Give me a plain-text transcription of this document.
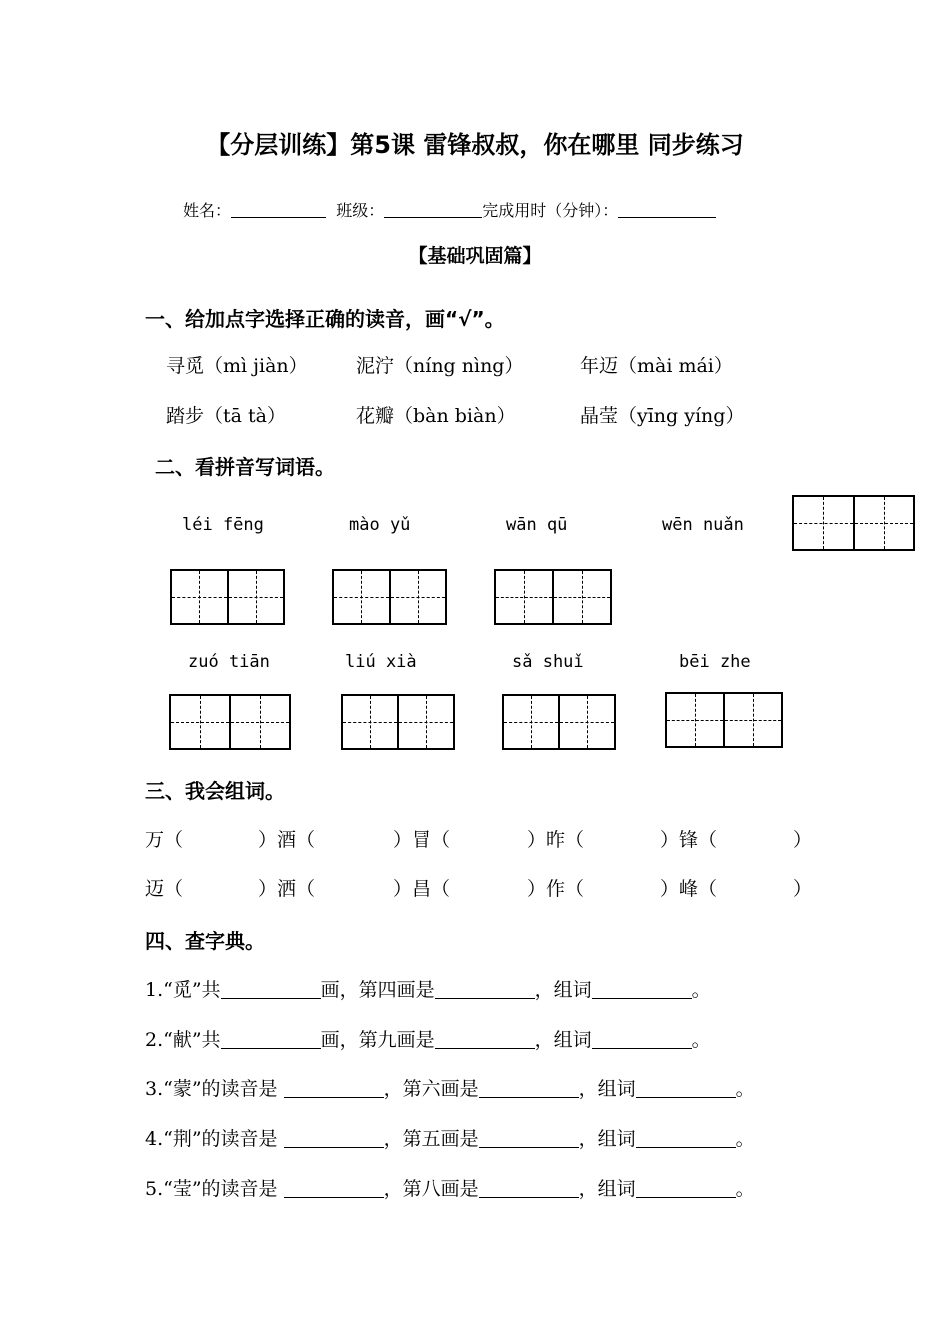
【分层训练】第5课 雷锋叔叔，你在哪里 同步练习
姓名：	班级：	完成用时（分钟）：
【基础巩固篇】
一、给加点字选择正确的读音，画“√”。
寻觅（mì jiàn）	泥泞（níng nìng）	年迈（mài mái）
踏步（tā tà）	花瓣（bàn biàn）	晶莹（yīng yíng）
二、看拼音写词语。
léi fēng	mào yǔ	wān qū	wēn nuǎn
zuó tiān	liú xià	sǎ shuǐ	bēi zhe
三、我会组词。
万（	）酒（	）冒（	）昨（	）锋（	）
迈（	）洒（	）昌（	）作（	）峰（	）
四、查字典。
1.“觅”共	画，第四画是	，组词	。
2.“献”共	画，第九画是	，组词	。
3.“蒙”的读音是	，第六画是	，组词	。
4.“荆”的读音是	，第五画是	，组词	。
5.“莹”的读音是	，第八画是	，组词	。
